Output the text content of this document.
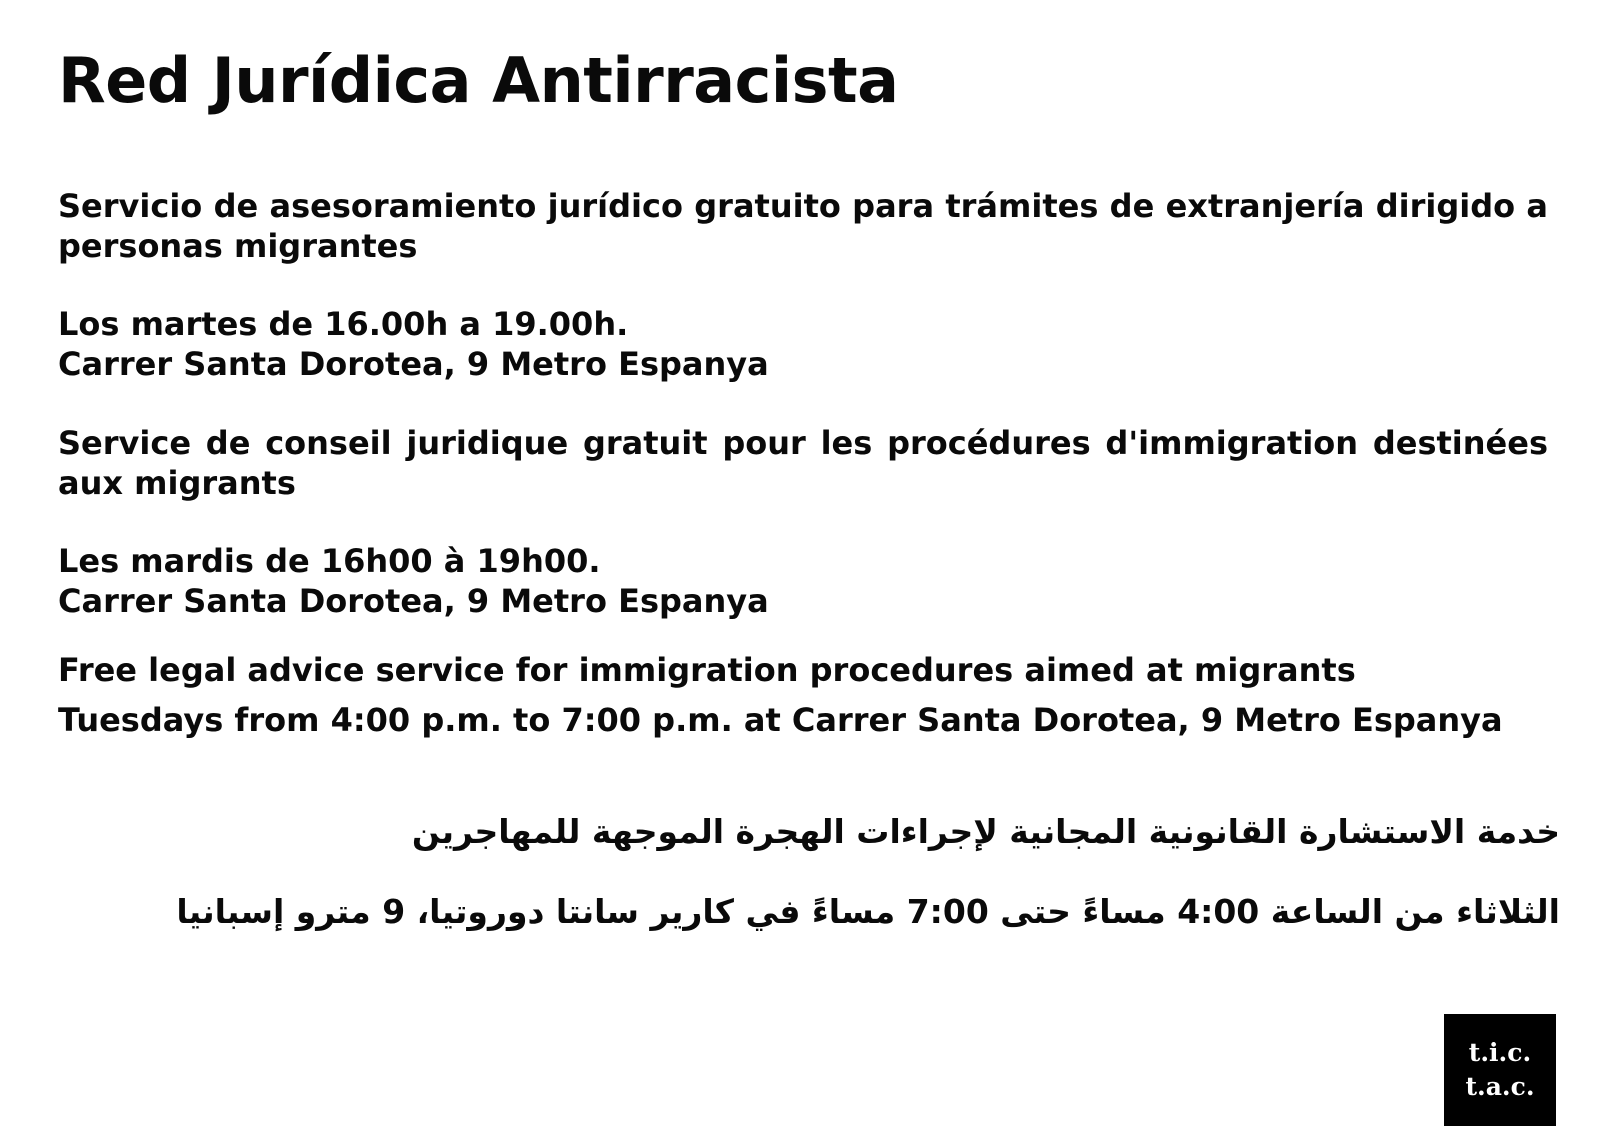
Red Jurídica Antirracista

Servicio de asesoramiento jurídico gratuito para trámites de extranjería dirigido a personas migrantes

Los martes de 16.00h a 19.00h.
Carrer Santa Dorotea, 9 Metro Espanya

Service de conseil juridique gratuit pour les procédures d'immigration destinées aux migrants

Les mardis de 16h00 à 19h00.
Carrer Santa Dorotea, 9 Metro Espanya
Free legal advice service for immigration procedures aimed at migrants
Tuesdays from 4:00 p.m. to 7:00 p.m. at Carrer Santa Dorotea, 9 Metro Espanya
خدمة الاستشارة القانونية المجانية لإجراءات الهجرة الموجهة للمهاجرين
الثلاثاء من الساعة 4:00 مساءً حتى 7:00 مساءً في كارير سانتا دوروتيا، 9 مترو إسبانيا
t.i.c.
t.a.c.
